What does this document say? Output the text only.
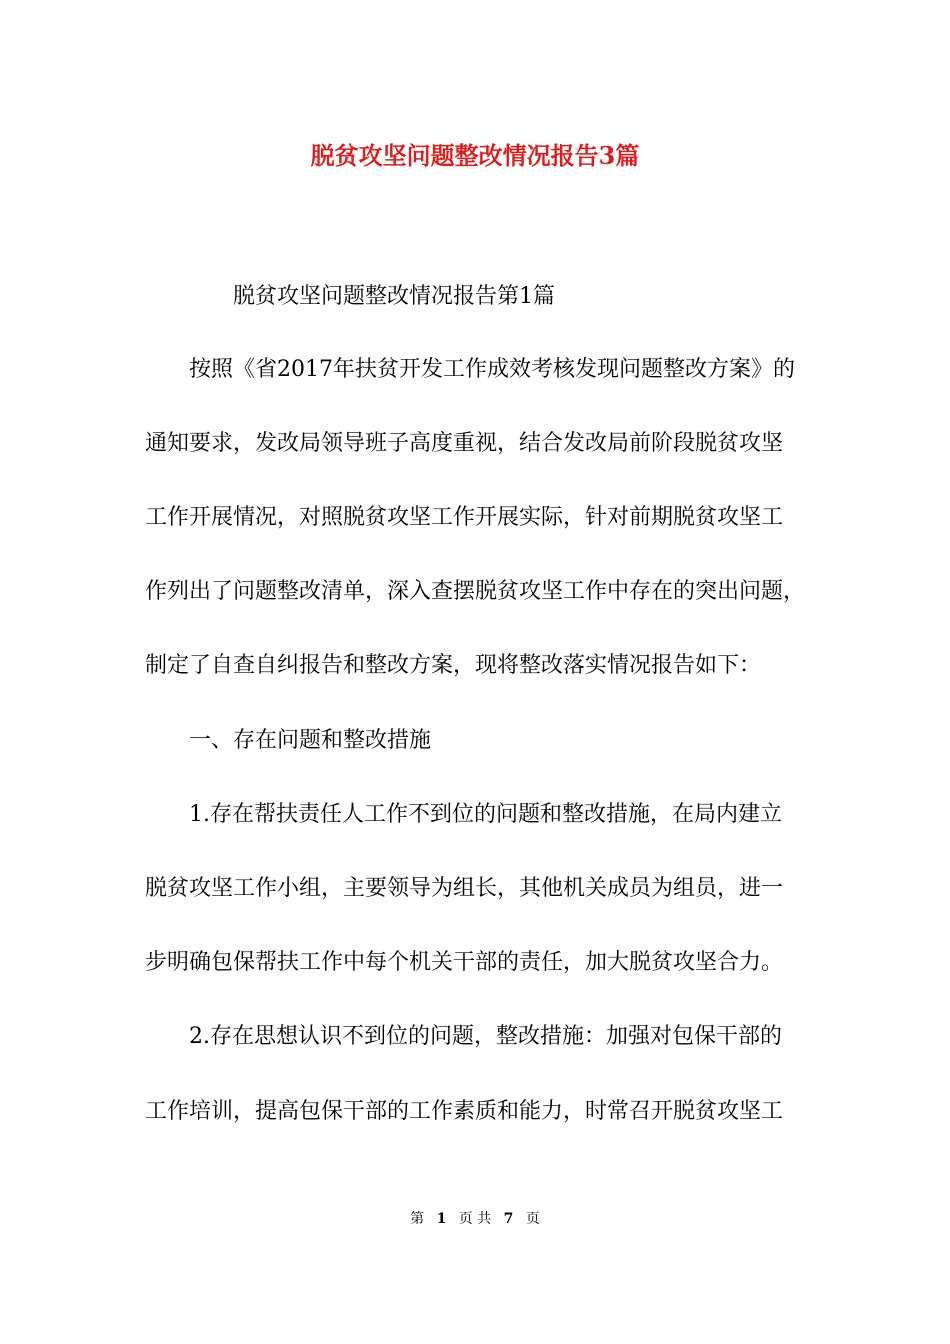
脱贫攻坚问题整改情况报告3篇
脱贫攻坚问题整改情况报告第1篇
按照《省2017年扶贫开发工作成效考核发现问题整改方案》的
通知要求，发改局领导班子高度重视，结合发改局前阶段脱贫攻坚
工作开展情况，对照脱贫攻坚工作开展实际，针对前期脱贫攻坚工
作列出了问题整改清单，深入查摆脱贫攻坚工作中存在的突出问题，
制定了自查自纠报告和整改方案，现将整改落实情况报告如下：
一、存在问题和整改措施
1.存在帮扶责任人工作不到位的问题和整改措施，在局内建立
脱贫攻坚工作小组，主要领导为组长，其他机关成员为组员，进一
步明确包保帮扶工作中每个机关干部的责任，加大脱贫攻坚合力。
2.存在思想认识不到位的问题，整改措施：加强对包保干部的
工作培训，提高包保干部的工作素质和能力，时常召开脱贫攻坚工
第 1 页 共 7 页
